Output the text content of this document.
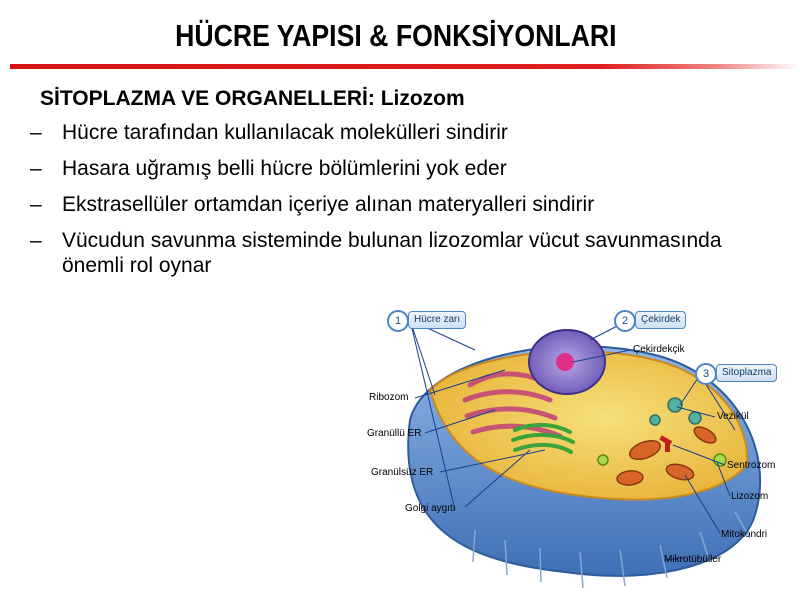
HÜCRE YAPISI & FONKSİYONLARI
SİTOPLAZMA VE ORGANELLERİ: Lizozom
– Hücre tarafından kullanılacak molekülleri sindirir
– Hasara uğramış belli hücre bölümlerini yok eder
– Ekstrasellüler ortamdan içeriye alınan materyalleri sindirir
– Vücudun savunma sisteminde bulunan lizozomlar vücut savunmasında önemli rol oynar
1	Hücre zarı	2	Çekirdek
3	Sitoplazma
Çekirdekçik
Ribozom
Granüllü ER
Granülsüz ER
Golgi aygıtı
Vezikül
Sentrozom
Lizozom
Mitokondri
Mikrotübüller
